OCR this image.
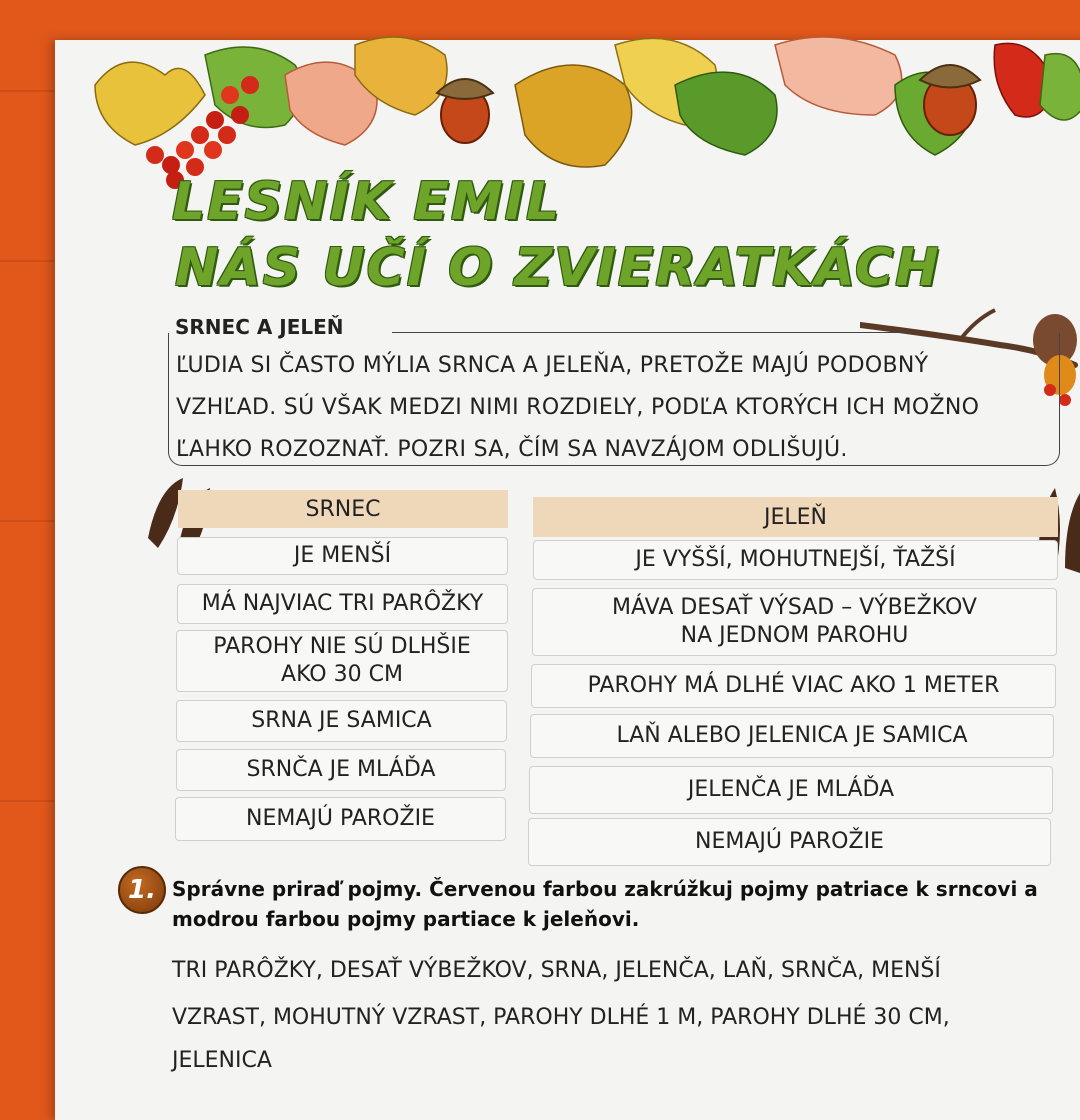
LESNÍK EMIL
NÁS UČÍ O ZVIERATKÁCH
SRNEC A JELEŇ
ĽUDIA SI ČASTO MÝLIA SRNCA A JELEŇA, PRETOŽE MAJÚ PODOBNÝ
VZHĽAD. SÚ VŠAK MEDZI NIMI ROZDIELY, PODĽA KTORÝCH ICH MOŽNO
ĽAHKO ROZOZNAŤ. POZRI SA, ČÍM SA NAVZÁJOM ODLIŠUJÚ.
SRNEC	JELEŇ
JE MENŠÍ
MÁ NAJVIAC TRI PARÔŽKY
PAROHY NIE SÚ DLHŠIE
AKO 30 CM
SRNA JE SAMICA
SRNČA JE MLÁĎA
NEMAJÚ PAROŽIE
JE VYŠŠÍ, MOHUTNEJŠÍ, ŤAŽŠÍ
MÁVA DESAŤ VÝSAD – VÝBEŽKOV
NA JEDNOM PAROHU
PAROHY MÁ DLHÉ VIAC AKO 1 METER
LAŇ ALEBO JELENICA JE SAMICA
JELENČA JE MLÁĎA
NEMAJÚ PAROŽIE
1. Správne priraď pojmy. Červenou farbou zakrúžkuj pojmy patriace k srncovi a modrou farbou pojmy partiace k jeleňovi.

TRI PARÔŽKY, DESAŤ VÝBEŽKOV, SRNA, JELENČA, LAŇ, SRNČA, MENŠÍ

VZRAST, MOHUTNÝ VZRAST, PAROHY DLHÉ 1 M, PAROHY DLHÉ 30 CM,

JELENICA
